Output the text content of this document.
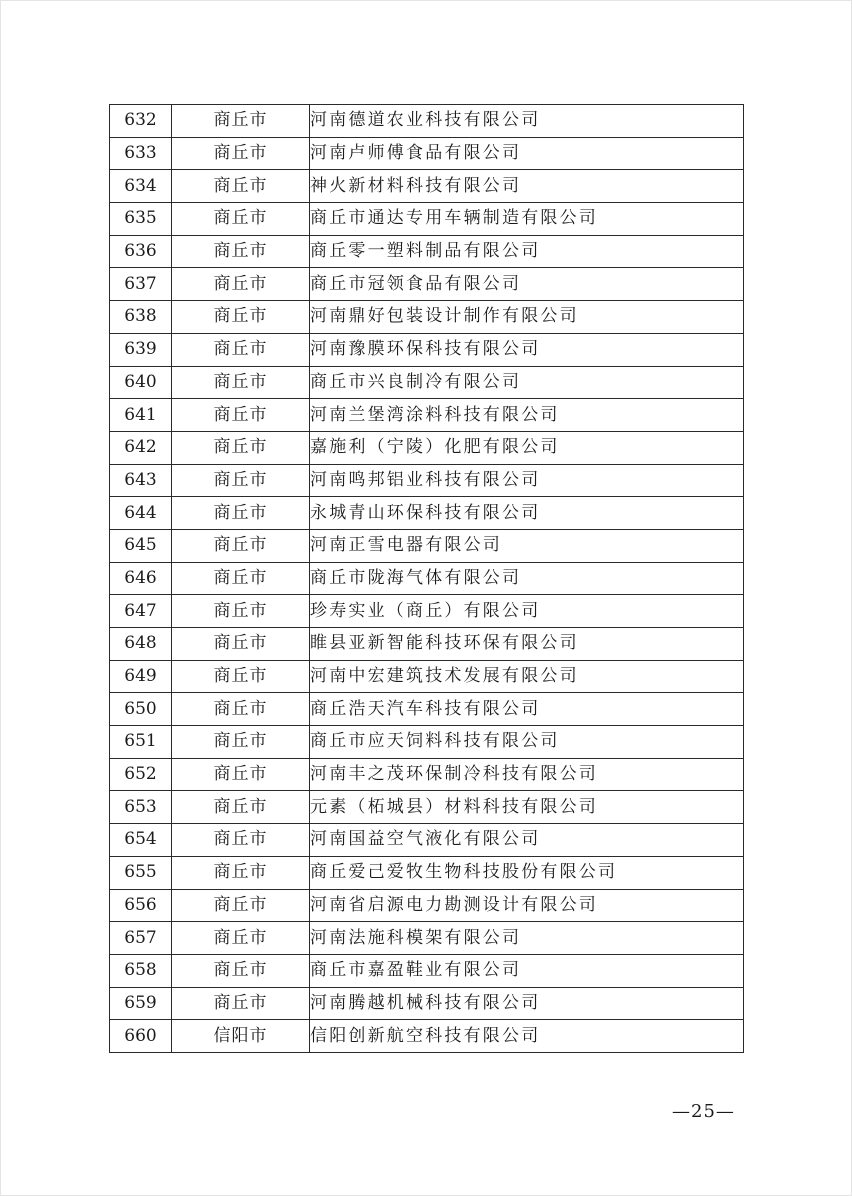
632	商丘市	河南德道农业科技有限公司
633	商丘市	河南卢师傅食品有限公司
634	商丘市	神火新材料科技有限公司
635	商丘市	商丘市通达专用车辆制造有限公司
636	商丘市	商丘零一塑料制品有限公司
637	商丘市	商丘市冠领食品有限公司
638	商丘市	河南鼎好包装设计制作有限公司
639	商丘市	河南豫膜环保科技有限公司
640	商丘市	商丘市兴良制冷有限公司
641	商丘市	河南兰堡湾涂料科技有限公司
642	商丘市	嘉施利（宁陵）化肥有限公司
643	商丘市	河南鸣邦铝业科技有限公司
644	商丘市	永城青山环保科技有限公司
645	商丘市	河南正雪电器有限公司
646	商丘市	商丘市陇海气体有限公司
647	商丘市	珍寿实业（商丘）有限公司
648	商丘市	睢县亚新智能科技环保有限公司
649	商丘市	河南中宏建筑技术发展有限公司
650	商丘市	商丘浩天汽车科技有限公司
651	商丘市	商丘市应天饲料科技有限公司
652	商丘市	河南丰之茂环保制冷科技有限公司
653	商丘市	元素（柘城县）材料科技有限公司
654	商丘市	河南国益空气液化有限公司
655	商丘市	商丘爱己爱牧生物科技股份有限公司
656	商丘市	河南省启源电力勘测设计有限公司
657	商丘市	河南法施科模架有限公司
658	商丘市	商丘市嘉盈鞋业有限公司
659	商丘市	河南腾越机械科技有限公司
660	信阳市	信阳创新航空科技有限公司
—25—
